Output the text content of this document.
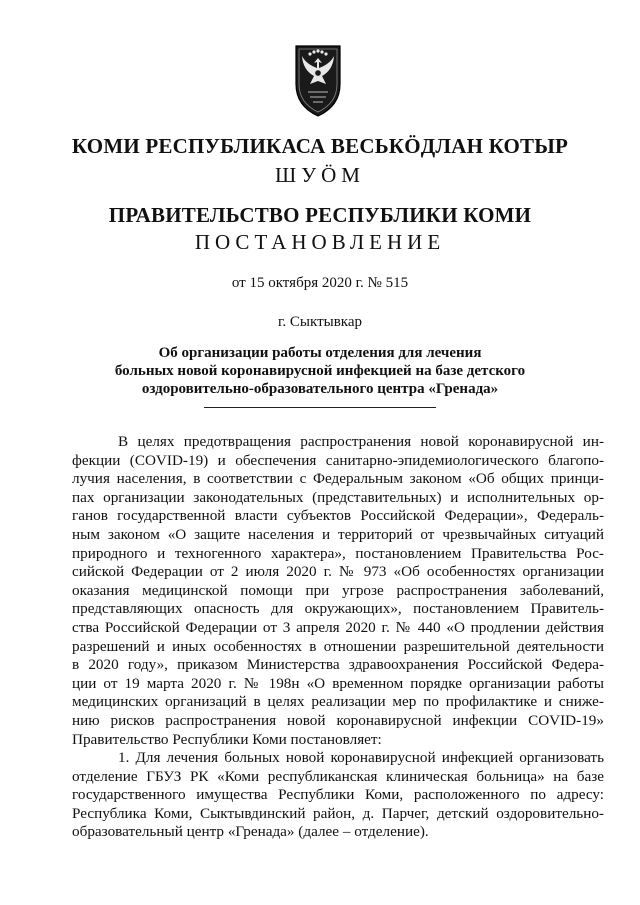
КОМИ РЕСПУБЛИКАСА ВЕСЬКӦДЛАН КОТЫР
ШУӦМ
ПРАВИТЕЛЬСТВО РЕСПУБЛИКИ КОМИ
ПОСТАНОВЛЕНИЕ
от 15 октября 2020 г. № 515
г. Сыктывкар
Об организации работы отделения для лечения
больных новой коронавирусной инфекцией на базе детского
оздоровительно-образовательного центра «Гренада»
В целях предотвращения распространения новой коронавирусной ин-
фекции (COVID-19) и обеспечения санитарно-эпидемиологического благопо-
лучия населения, в соответствии с Федеральным законом «Об общих принци-
пах организации законодательных (представительных) и исполнительных ор-
ганов государственной власти субъектов Российской Федерации», Федераль-
ным законом «О защите населения и территорий от чрезвычайных ситуаций
природного и техногенного характера», постановлением Правительства Рос-
сийской Федерации от 2 июля 2020 г. № 973 «Об особенностях организации
оказания медицинской помощи при угрозе распространения заболеваний,
представляющих опасность для окружающих», постановлением Правитель-
ства Российской Федерации от 3 апреля 2020 г. № 440 «О продлении действия
разрешений и иных особенностях в отношении разрешительной деятельности
в 2020 году», приказом Министерства здравоохранения Российской Федера-
ции от 19 марта 2020 г. № 198н «О временном порядке организации работы
медицинских организаций в целях реализации мер по профилактике и сниже-
нию рисков распространения новой коронавирусной инфекции COVID-19»
Правительство Республики Коми постановляет:
1. Для лечения больных новой коронавирусной инфекцией организовать
отделение ГБУЗ РК «Коми республиканская клиническая больница» на базе
государственного имущества Республики Коми, расположенного по адресу:
Республика Коми, Сыктывдинский район, д. Парчег, детский оздоровительно-
образовательный центр «Гренада» (далее – отделение).
